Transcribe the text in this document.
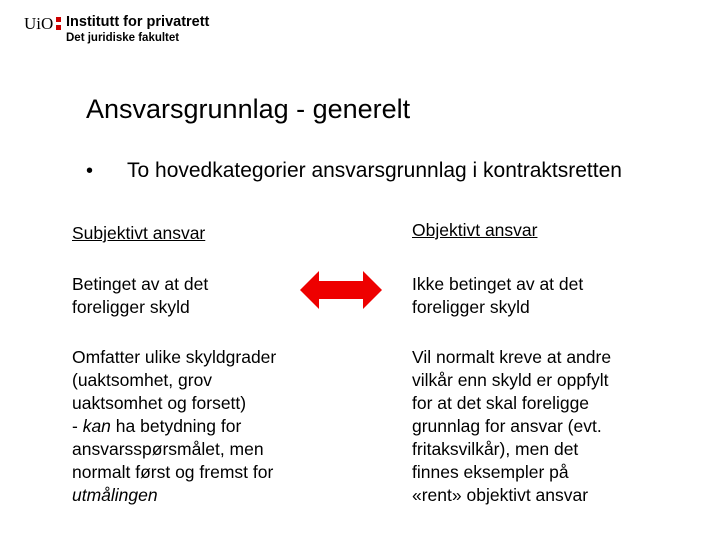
UiO Institutt for privatrett
Det juridiske fakultet
Ansvarsgrunnlag - generelt
• To hovedkategorier ansvarsgrunnlag i kontraktsretten
Subjektivt ansvar	Objektivt ansvar
Betinget av at det
foreligger skyld
Ikke betinget av at det
foreligger skyld
Omfatter ulike skyldgrader
(uaktsomhet, grov
uaktsomhet og forsett)
- kan ha betydning for
ansvarsspørsmålet, men
normalt først og fremst for
utmålingen
Vil normalt kreve at andre
vilkår enn skyld er oppfylt
for at det skal foreligge
grunnlag for ansvar (evt.
fritaksvilkår), men det
finnes eksempler på
«rent» objektivt ansvar
